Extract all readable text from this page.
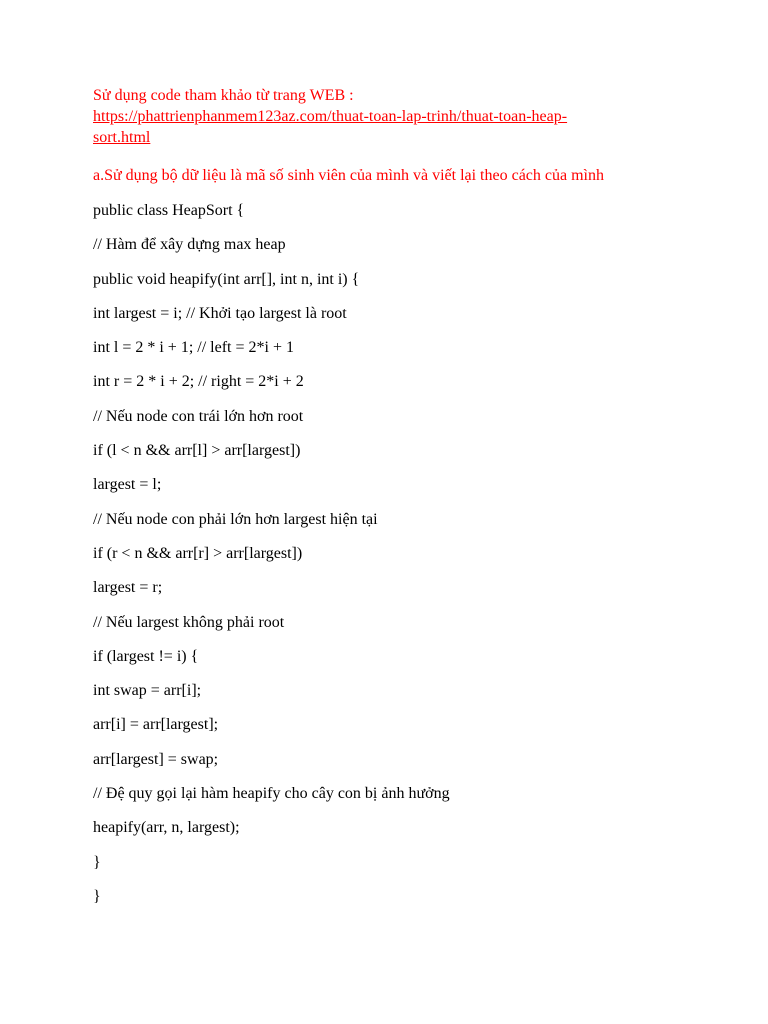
Sử dụng code tham khảo từ trang WEB :

https://phattrienphanmem123az.com/thuat-toan-lap-trinh/thuat-toan-heap-
sort.html

a.Sử dụng bộ dữ liệu là mã số sinh viên của mình và viết lại theo cách của mình

public class HeapSort {

// Hàm để xây dựng max heap

public void heapify(int arr[], int n, int i) {

int largest = i; // Khởi tạo largest là root

int l = 2 * i + 1; // left = 2*i + 1

int r = 2 * i + 2; // right = 2*i + 2

// Nếu node con trái lớn hơn root

if (l < n && arr[l] > arr[largest])

largest = l;

// Nếu node con phải lớn hơn largest hiện tại

if (r < n && arr[r] > arr[largest])

largest = r;

// Nếu largest không phải root

if (largest != i) {

int swap = arr[i];

arr[i] = arr[largest];

arr[largest] = swap;

// Đệ quy gọi lại hàm heapify cho cây con bị ảnh hưởng

heapify(arr, n, largest);

}

}
